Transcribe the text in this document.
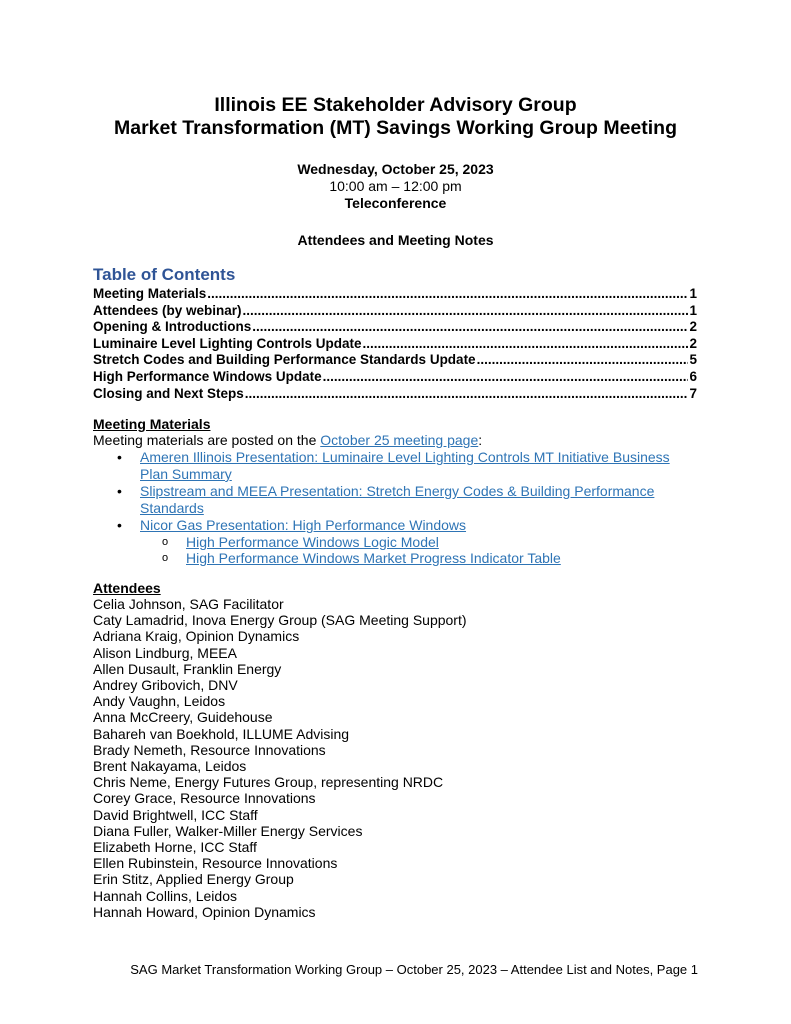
Illinois EE Stakeholder Advisory Group
Market Transformation (MT) Savings Working Group Meeting
Wednesday, October 25, 2023
10:00 am – 12:00 pm
Teleconference
Attendees and Meeting Notes
Table of Contents
Meeting Materials .....	1
Attendees (by webinar) .....	1
Opening & Introductions .....	2
Luminaire Level Lighting Controls Update .....	2
Stretch Codes and Building Performance Standards Update .....	5
High Performance Windows Update .....	6
Closing and Next Steps .....	7
Meeting Materials
Meeting materials are posted on the October 25 meeting page:
• Ameren Illinois Presentation: Luminaire Level Lighting Controls MT Initiative Business
Plan Summary
• Slipstream and MEEA Presentation: Stretch Energy Codes & Building Performance
Standards
• Nicor Gas Presentation: High Performance Windows
o High Performance Windows Logic Model
o High Performance Windows Market Progress Indicator Table
Attendees
Celia Johnson, SAG Facilitator
Caty Lamadrid, Inova Energy Group (SAG Meeting Support)
Adriana Kraig, Opinion Dynamics
Alison Lindburg, MEEA
Allen Dusault, Franklin Energy
Andrey Gribovich, DNV
Andy Vaughn, Leidos
Anna McCreery, Guidehouse
Bahareh van Boekhold, ILLUME Advising
Brady Nemeth, Resource Innovations
Brent Nakayama, Leidos
Chris Neme, Energy Futures Group, representing NRDC
Corey Grace, Resource Innovations
David Brightwell, ICC Staff
Diana Fuller, Walker-Miller Energy Services
Elizabeth Horne, ICC Staff
Ellen Rubinstein, Resource Innovations
Erin Stitz, Applied Energy Group
Hannah Collins, Leidos
Hannah Howard, Opinion Dynamics
SAG Market Transformation Working Group – October 25, 2023 – Attendee List and Notes, Page 1
